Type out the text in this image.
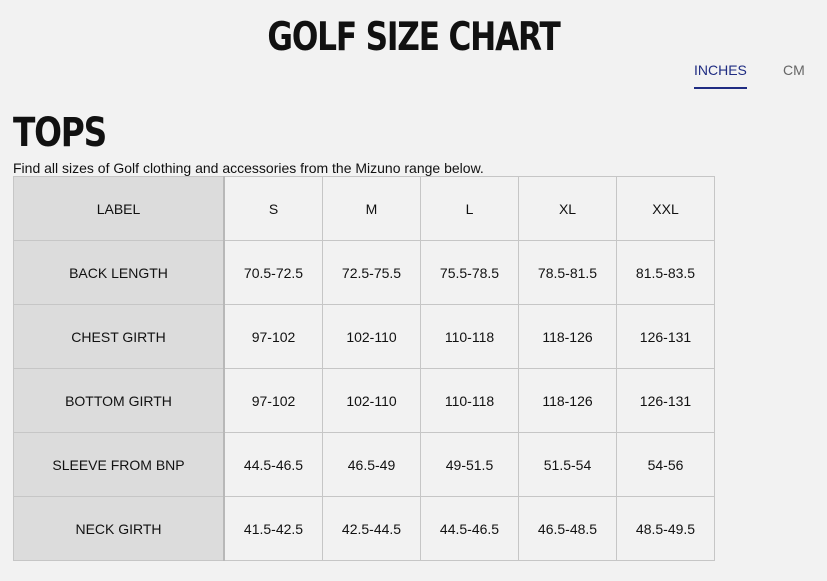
GOLF SIZE CHART
INCHES	CM
TOPS
Find all sizes of Golf clothing and accessories from the Mizuno range below.
LABEL	S	M	L	XL	XXL
BACK LENGTH	70.5-72.5	72.5-75.5	75.5-78.5	78.5-81.5	81.5-83.5
CHEST GIRTH	97-102	102-110	110-118	118-126	126-131
BOTTOM GIRTH	97-102	102-110	110-118	118-126	126-131
SLEEVE FROM BNP	44.5-46.5	46.5-49	49-51.5	51.5-54	54-56
NECK GIRTH	41.5-42.5	42.5-44.5	44.5-46.5	46.5-48.5	48.5-49.5
